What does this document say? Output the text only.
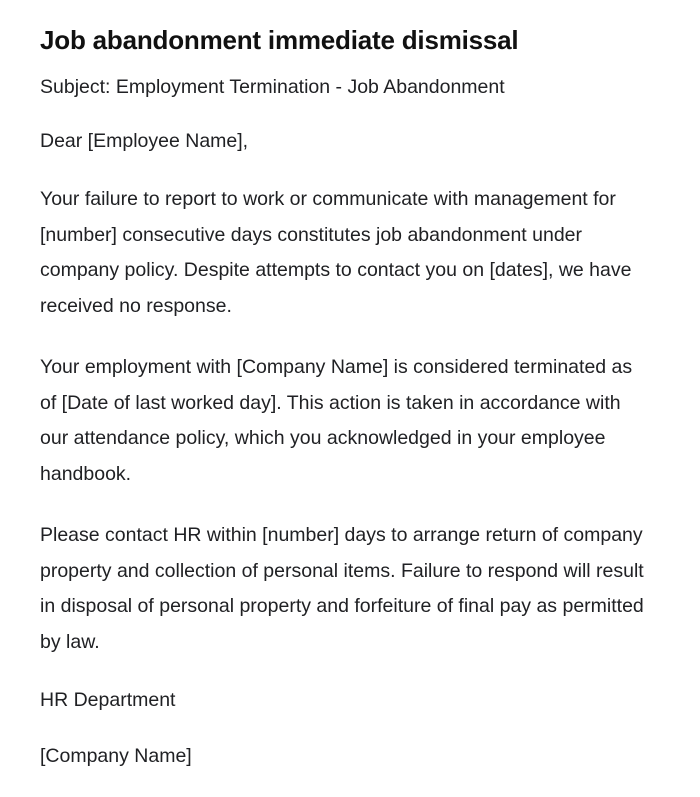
Job abandonment immediate dismissal

Subject: Employment Termination - Job Abandonment

Dear [Employee Name],

Your failure to report to work or communicate with management for [number] consecutive days constitutes job abandonment under company policy. Despite attempts to contact you on [dates], we have received no response.

Your employment with [Company Name] is considered terminated as of [Date of last worked day]. This action is taken in accordance with our attendance policy, which you acknowledged in your employee handbook.

Please contact HR within [number] days to arrange return of company property and collection of personal items. Failure to respond will result in disposal of personal property and forfeiture of final pay as permitted by law.

HR Department

[Company Name]
